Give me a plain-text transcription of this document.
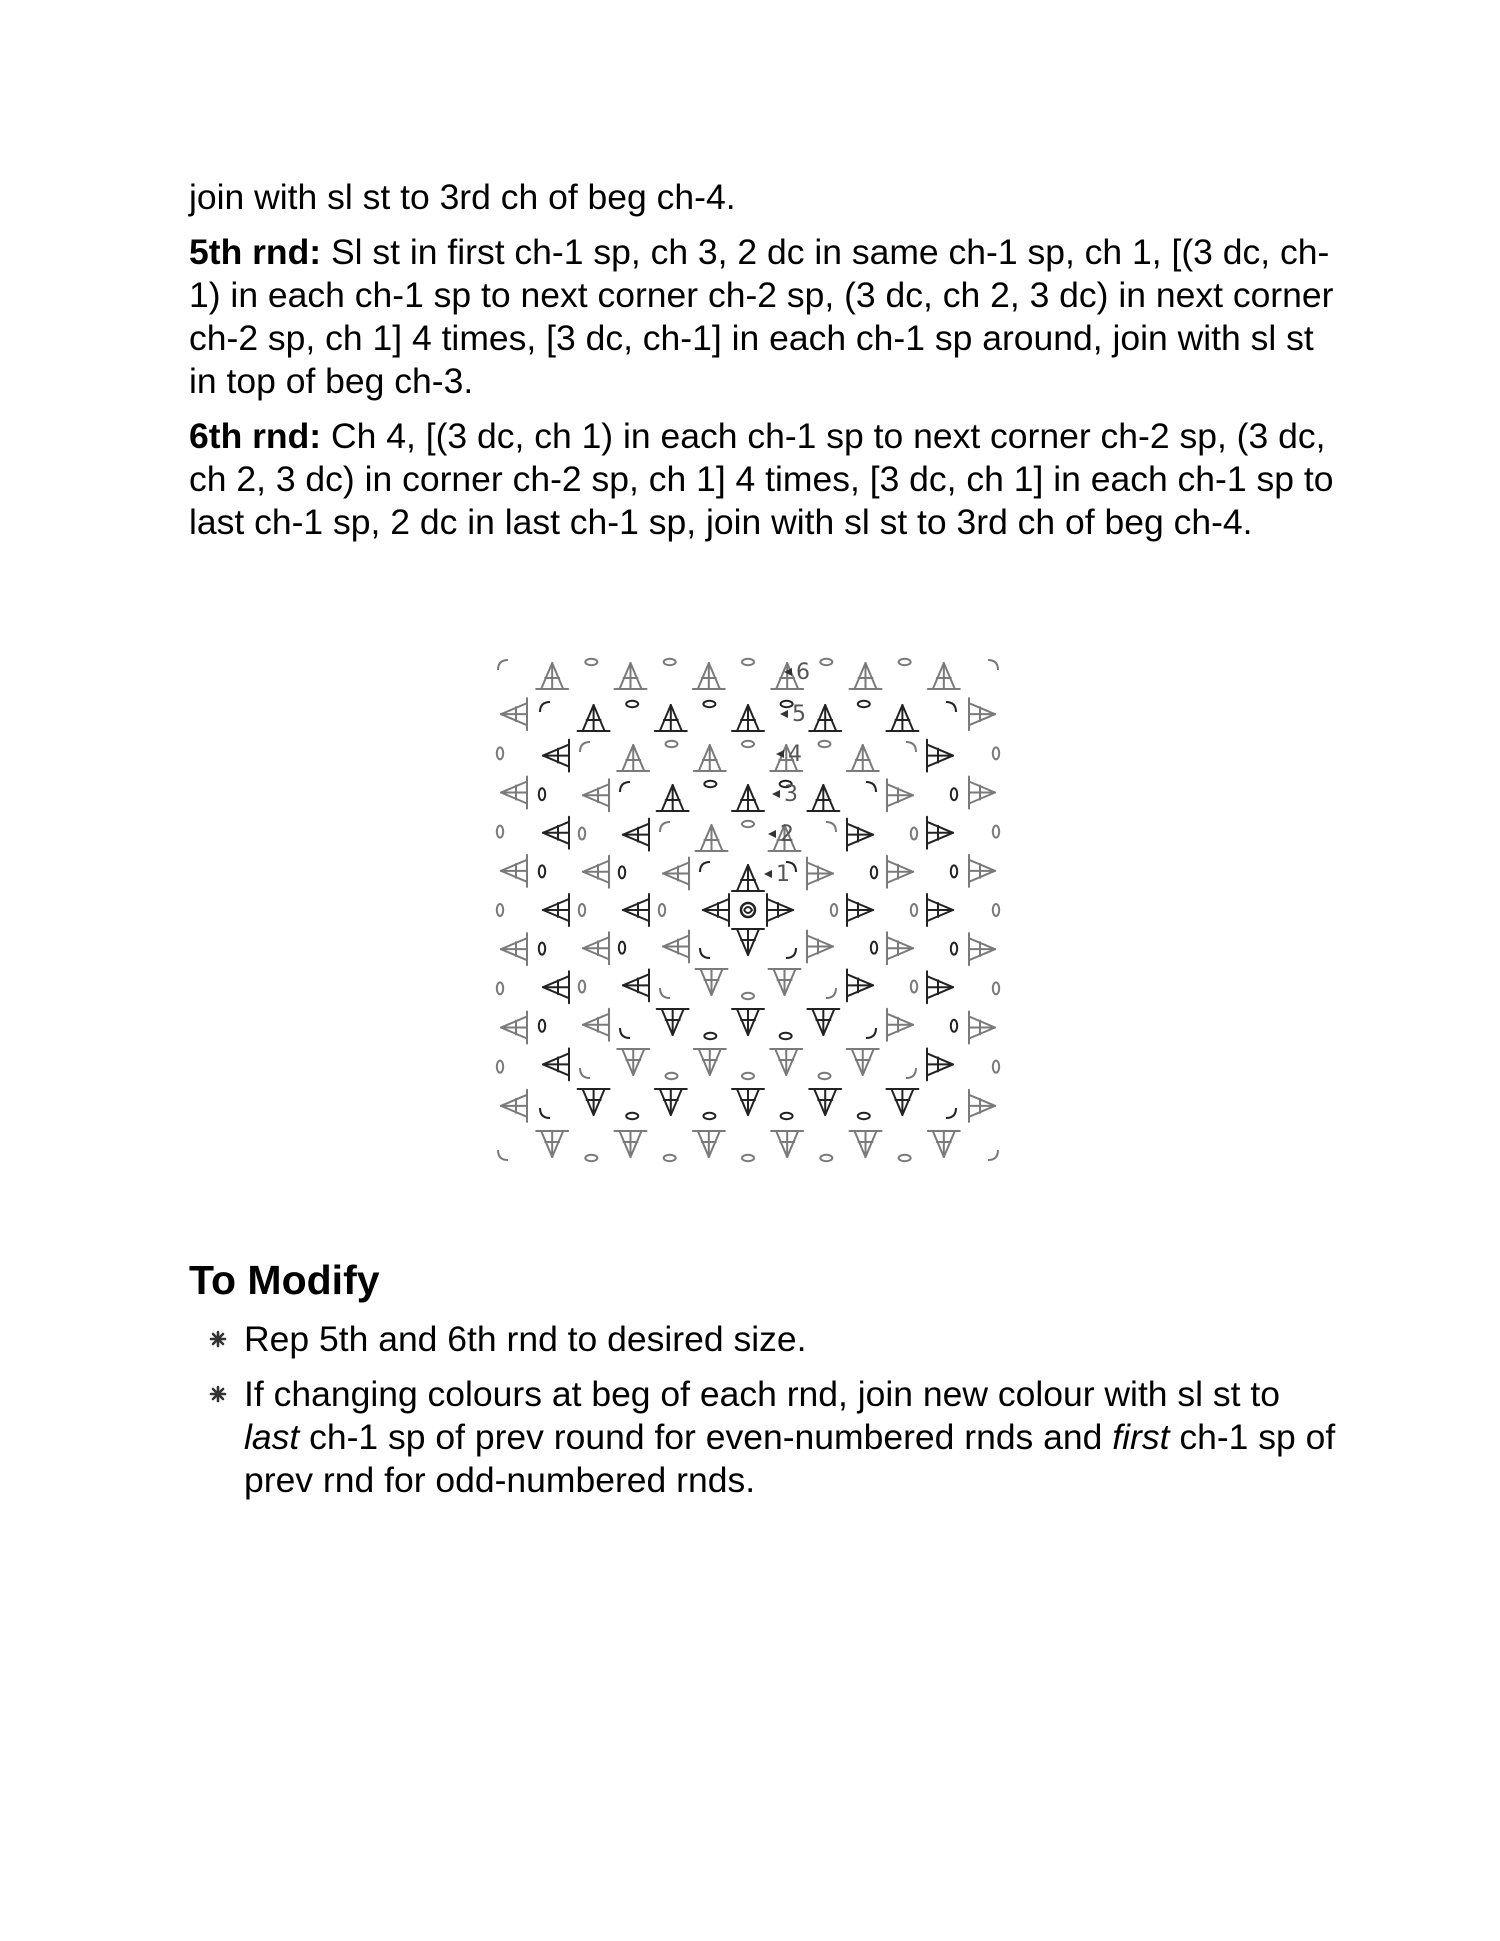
join with sl st to 3rd ch of beg ch-4.

5th rnd: Sl st in first ch-1 sp, ch 3, 2 dc in same ch-1 sp, ch 1, [(3 dc, ch-1) in each ch-1 sp to next corner ch-2 sp, (3 dc, ch 2, 3 dc) in next corner ch-2 sp, ch 1] 4 times, [3 dc, ch-1] in each ch-1 sp around, join with sl st in top of beg ch-3.

6th rnd: Ch 4, [(3 dc, ch 1) in each ch-1 sp to next corner ch-2 sp, (3 dc, ch 2, 3 dc) in corner ch-2 sp, ch 1] 4 times, [3 dc, ch 1] in each ch-1 sp to last ch-1 sp, 2 dc in last ch-1 sp, join with sl st to 3rd ch of beg ch-4.

1
2
3
4
5
6
To Modify
Rep 5th and 6th rnd to desired size.
If changing colours at beg of each rnd, join new colour with sl st to last ch-1 sp of prev round for even-numbered rnds and first ch-1 sp of prev rnd for odd-numbered rnds.
